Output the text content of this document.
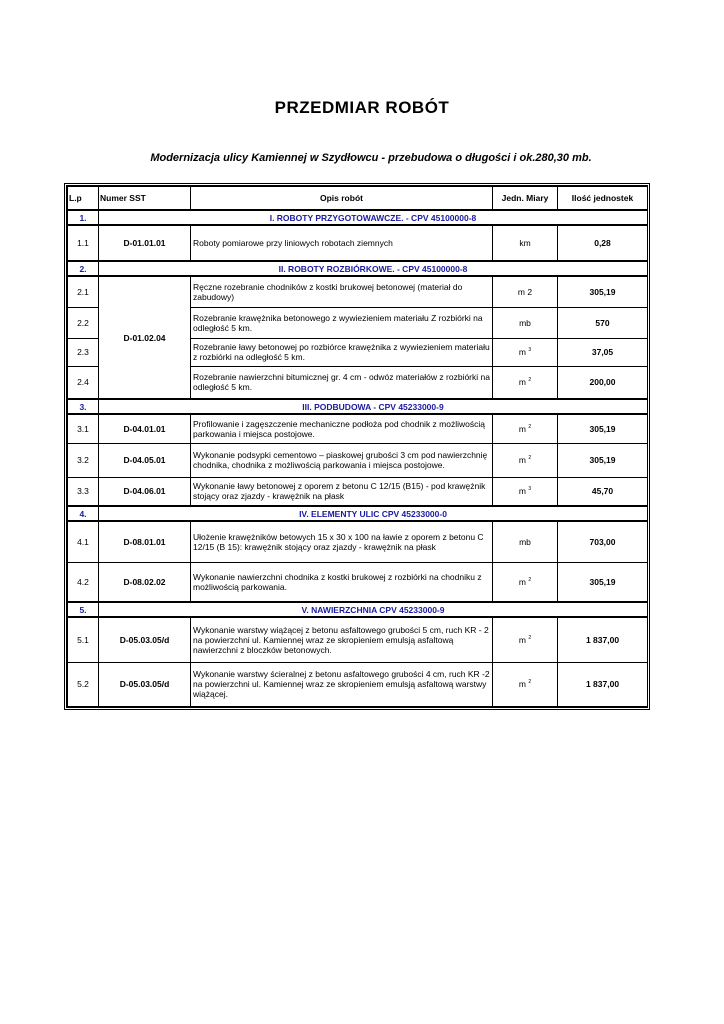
PRZEDMIAR ROBÓT

Modernizacja ulicy Kamiennej w Szydłowcu - przebudowa o długości i ok.280,30 mb.

L.p	Numer SST	Opis robót	Jedn. Miary	Ilość jednostek
1.	I. ROBOTY PRZYGOTOWAWCZE. - CPV 45100000-8			
1.1	D-01.01.01	Roboty pomiarowe przy liniowych robotach ziemnych	km	0,28
2.	II. ROBOTY ROZBIÓRKOWE. - CPV 45100000-8			
2.1	D-01.02.04	Ręczne rozebranie chodników z kostki brukowej betonowej (materiał do zabudowy)	m 2	305,19
2.2		Rozebranie krawężnika betonowego z wywiezieniem materiału Z rozbiórki na odległość 5 km.	mb	570
2.3		Rozebranie ławy betonowej po rozbiórce krawężnika z wywiezieniem materiału z rozbiórki na odległość 5 km.	m $^3$	37,05
2.4		Rozebranie nawierzchni bitumicznej gr. 4 cm - odwóz materiałów z rozbiórki na odległość 5 km.	m $^2$	200,00
3.	III. PODBUDOWA - CPV 45233000-9			
3.1	D-04.01.01	Profilowanie i zagęszczenie mechaniczne podłoża pod chodnik z możliwością parkowania i miejsca postojowe.	m $^2$	305,19
3.2	D-04.05.01	Wykonanie podsypki cementowo – piaskowej grubości 3 cm pod nawierzchnię chodnika, chodnika z możliwością parkowania i miejsca postojowe.	m $^2$	305,19
3.3	D-04.06.01	Wykonanie ławy betonowej z oporem z betonu C 12/15 (B15) - pod krawężnik stojący oraz zjazdy - krawężnik na płask	m $^3$	45,70
4.	IV. ELEMENTY ULIC CPV 45233000-0			
4.1	D-08.01.01	Ułożenie krawężników betowych 15 x 30 x 100 na ławie z oporem z betonu C 12/15 (B 15): krawężnik stojący oraz zjazdy - krawężnik na płask	mb	703,00
4.2	D-08.02.02	Wykonanie nawierzchni chodnika z kostki brukowej z rozbiórki na chodniku z możliwością parkowania.	m $^2$	305,19
5.	V. NAWIERZCHNIA CPV 45233000-9			
5.1	D-05.03.05/d	Wykonanie warstwy wiążącej z betonu asfaltowego grubości 5 cm, ruch KR - 2 na powierzchni ul. Kamiennej wraz ze skropieniem emulsją asfaltową nawierzchni z bloczków betonowych.	m $^2$	1 837,00
5.2	D-05.03.05/d	Wykonanie warstwy ścieralnej z betonu asfaltowego grubości 4 cm, ruch KR -2 na powierzchni ul. Kamiennej wraz ze skropieniem emulsją asfaltową warstwy wiążącej.	m $^2$	1 837,00
